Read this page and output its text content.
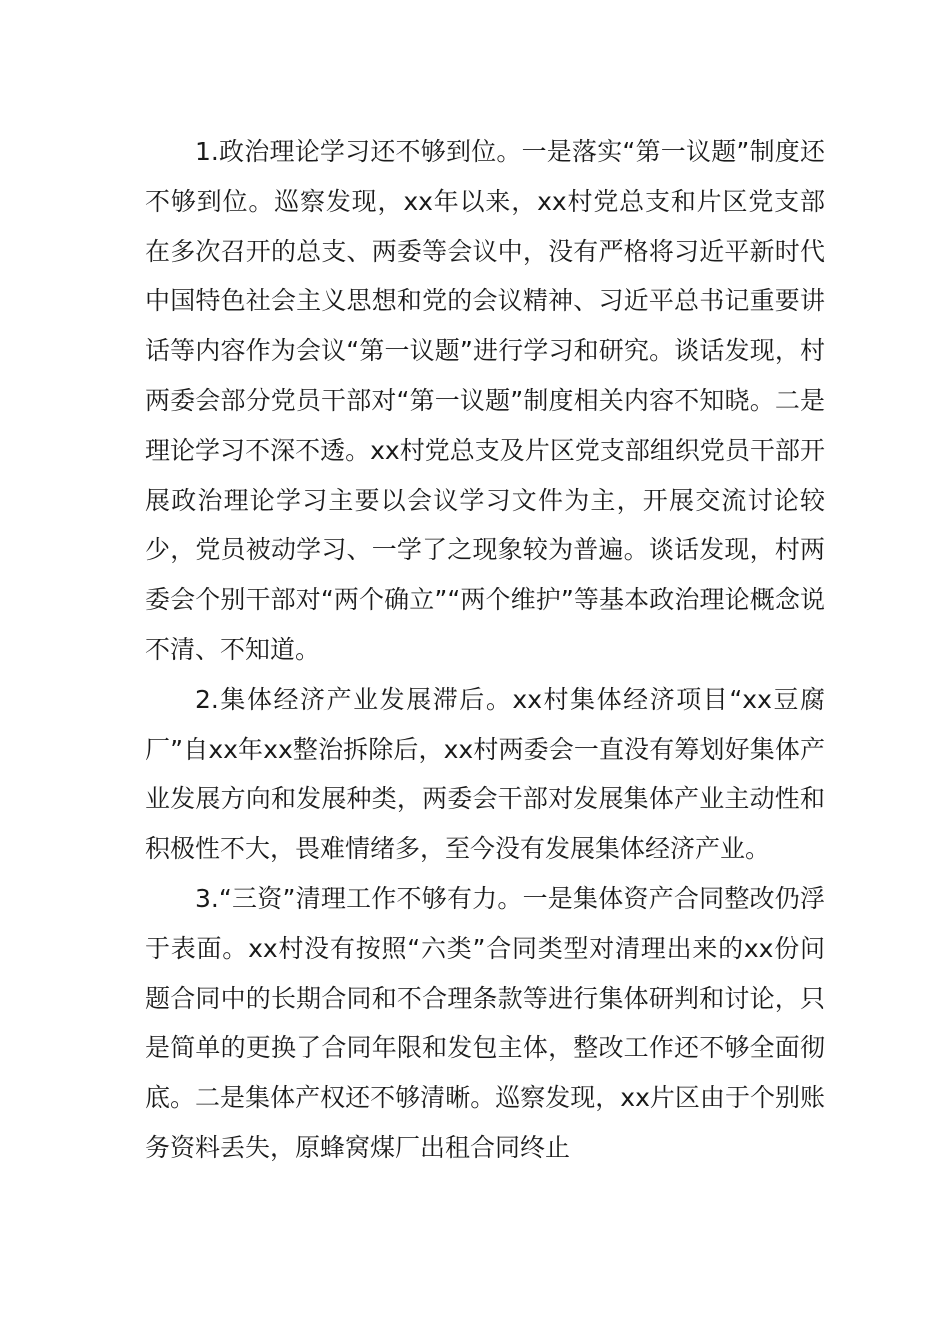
1.政治理论学习还不够到位。一是落实“第一议题”制度还不够到位。巡察发现，xx年以来，xx村党总支和片区党支部在多次召开的总支、两委等会议中，没有严格将习近平新时代中国特色社会主义思想和党的会议精神、习近平总书记重要讲话等内容作为会议“第一议题”进行学习和研究。谈话发现，村两委会部分党员干部对“第一议题”制度相关内容不知晓。二是理论学习不深不透。xx村党总支及片区党支部组织党员干部开展政治理论学习主要以会议学习文件为主，开展交流讨论较少，党员被动学习、一学了之现象较为普遍。谈话发现，村两委会个别干部对“两个确立”“两个维护”等基本政治理论概念说不清、不知道。

2.集体经济产业发展滞后。xx村集体经济项目“xx豆腐厂”自xx年xx整治拆除后，xx村两委会一直没有筹划好集体产业发展方向和发展种类，两委会干部对发展集体产业主动性和积极性不大，畏难情绪多，至今没有发展集体经济产业。

3.“三资”清理工作不够有力。一是集体资产合同整改仍浮于表面。xx村没有按照“六类”合同类型对清理出来的xx份问题合同中的长期合同和不合理条款等进行集体研判和讨论，只是简单的更换了合同年限和发包主体，整改工作还不够全面彻底。二是集体产权还不够清晰。巡察发现，xx片区由于个别账务资料丢失，原蜂窝煤厂出租合同终止
